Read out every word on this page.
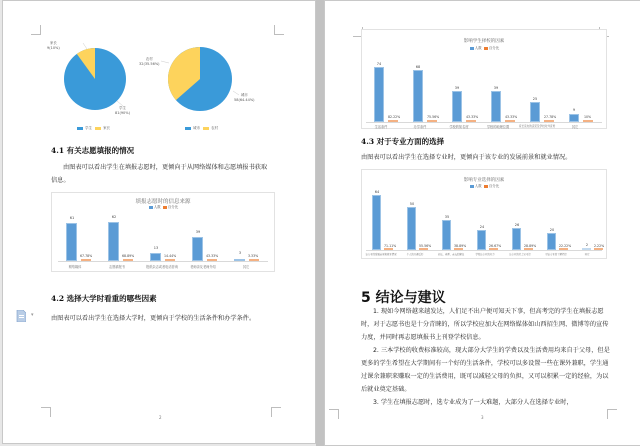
家长
9(10%)
学生
81(90%)
学生	家长
农村
32(35.56%)
城市
58(64.44%)
城市	农村
4.1 有关志愿填报的情况
由图表可以看出学生在填报志愿时，更倾向于从网络媒体和志愿填报书获取信息。
填报志愿时的信息来源
人数 百分比
61
67.78%
网络媒体
62
68.89%
志愿填报书
13
14.44%
报纸杂志或者电话咨询
39
43.33%
老师亲友老师介绍
3
3.33%
其它
4.2 选择大学时看重的哪些因素
由图表可以看出学生在选择大学时，更倾向于学校的生活条件和办学条件。
2
▾
影响学生择校的因素
人数 百分比
74
82.22%
生活条件
68
75.56%
办学条件
39
43.33%
学校的知名度
39
43.33%
学校的地理位置
25
27.78%
家长亲友的意见及学校对外宣传
9
10%
其它
4.3 对于专业方面的选择
由图表可以看出学生在选择专业时，更倾向于该专业的发展前景和就业情况。
影响专业选择的因素
人数 百分比
64
71.11%
该专业的发展前景和就业情况
50
55.56%
个人的兴趣爱好
35
38.89%
家长、老师、亲友的建议
24
26.67%
学校该专业的实力
26
28.89%
该专业的社会认可度
20
22.22%
对该专业的了解程度
2	2.22%
其它
5 结论与建议
1. 现如今网络越来越发达，人们足不出户便可知天下事，但高考完的学生在填报志愿时，对于志愿书也是十分青睐的，所以学校应加大在网络媒体如山西招生网、微博等的宣传力度，并同时再志愿填报书上刊登学校信息。
2. 三本学校的收费标准较高，现大部分大学生的学费以及生活费用均来自于父母，但是更多的学生希望在大学期间有一个好的生活条件，学校可以多设置一些在课外兼职，学生通过课余兼职来赚取一定的生活费用，既可以减轻父母的负担，又可以积累一定的经验，为以后就业奠定基础。
3. 学生在填报志愿时，选专业成为了一大难题，大部分人在选择专业时，
3
